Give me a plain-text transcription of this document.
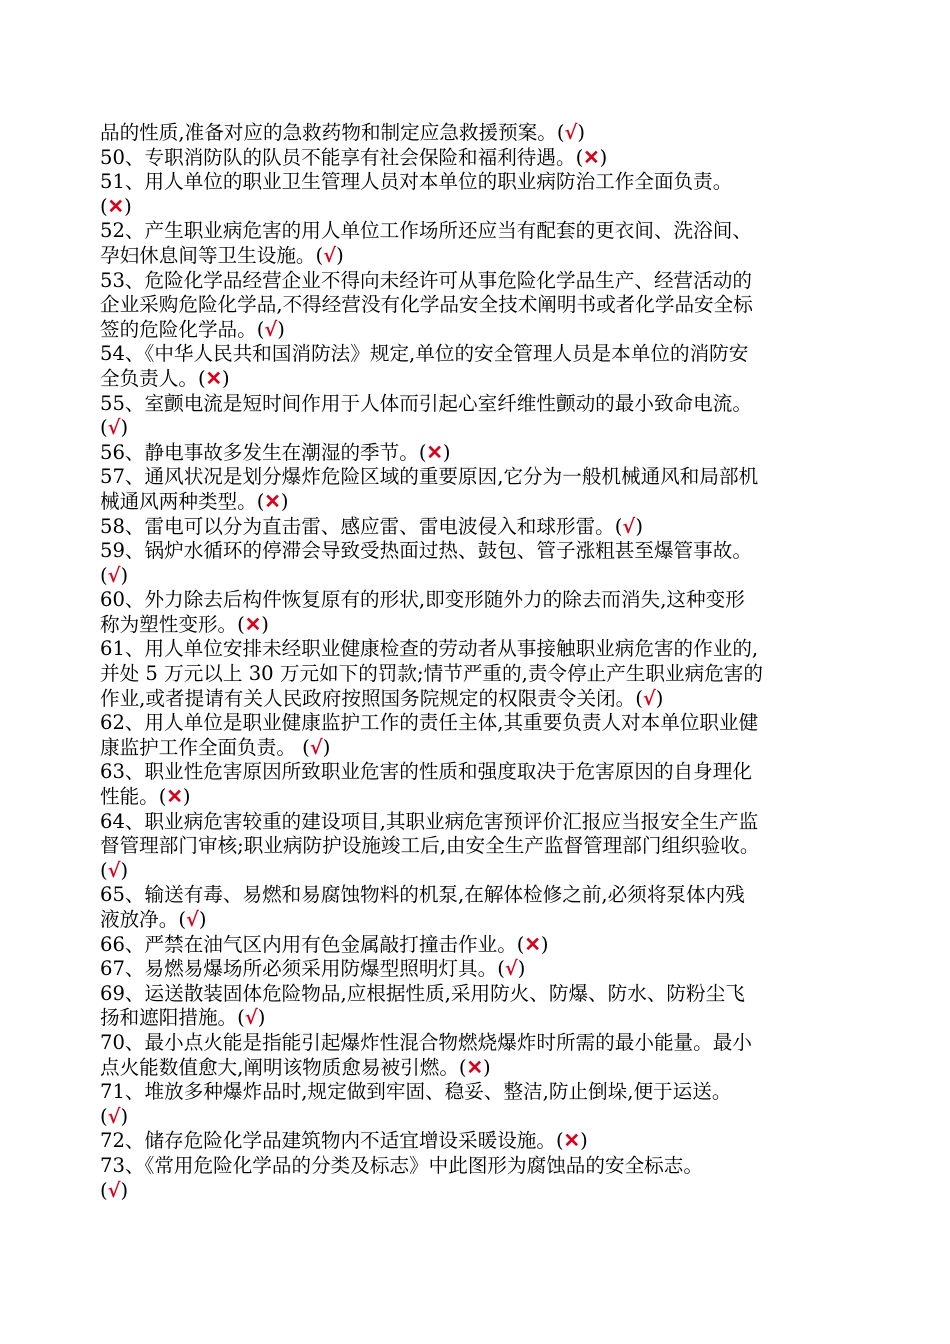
品的性质,准备对应的急救药物和制定应急救援预案。(√)
50、专职消防队的队员不能享有社会保险和福利待遇。(✕)
51、用人单位的职业卫生管理人员对本单位的职业病防治工作全面负责。
(✕)
52、产生职业病危害的用人单位工作场所还应当有配套的更衣间、洗浴间、
孕妇休息间等卫生设施。(√)
53、危险化学品经营企业不得向未经许可从事危险化学品生产、经营活动的
企业采购危险化学品,不得经营没有化学品安全技术阐明书或者化学品安全标
签的危险化学品。(√)
54、《中华人民共和国消防法》规定,单位的安全管理人员是本单位的消防安
全负责人。(✕)
55、室颤电流是短时间作用于人体而引起心室纤维性颤动的最小致命电流。
(√)
56、静电事故多发生在潮湿的季节。(✕)
57、通风状况是划分爆炸危险区域的重要原因,它分为一般机械通风和局部机
械通风两种类型。(✕)
58、雷电可以分为直击雷、感应雷、雷电波侵入和球形雷。(√)
59、锅炉水循环的停滞会导致受热面过热、鼓包、管子涨粗甚至爆管事故。
(√)
60、外力除去后构件恢复原有的形状,即变形随外力的除去而消失,这种变形
称为塑性变形。(✕)
61、用人单位安排未经职业健康检查的劳动者从事接触职业病危害的作业的,
并处 5 万元以上 30 万元如下的罚款;情节严重的,责令停止产生职业病危害的
作业,或者提请有关人民政府按照国务院规定的权限责令关闭。(√)
62、用人单位是职业健康监护工作的责任主体,其重要负责人对本单位职业健
康监护工作全面负责。 (√)
63、职业性危害原因所致职业危害的性质和强度取决于危害原因的自身理化
性能。(✕)
64、职业病危害较重的建设项目,其职业病危害预评价汇报应当报安全生产监
督管理部门审核;职业病防护设施竣工后,由安全生产监督管理部门组织验收。
(√)
65、输送有毒、易燃和易腐蚀物料的机泵,在解体检修之前,必须将泵体内残
液放净。(√)
66、严禁在油气区内用有色金属敲打撞击作业。(✕)
67、易燃易爆场所必须采用防爆型照明灯具。(√)
69、运送散装固体危险物品,应根据性质,采用防火、防爆、防水、防粉尘飞
扬和遮阳措施。(√)
70、最小点火能是指能引起爆炸性混合物燃烧爆炸时所需的最小能量。最小
点火能数值愈大,阐明该物质愈易被引燃。(✕)
71、堆放多种爆炸品时,规定做到牢固、稳妥、整洁,防止倒垛,便于运送。
(√)
72、储存危险化学品建筑物内不适宜增设采暖设施。(✕)
73、《常用危险化学品的分类及标志》中此图形为腐蚀品的安全标志。
(√)
